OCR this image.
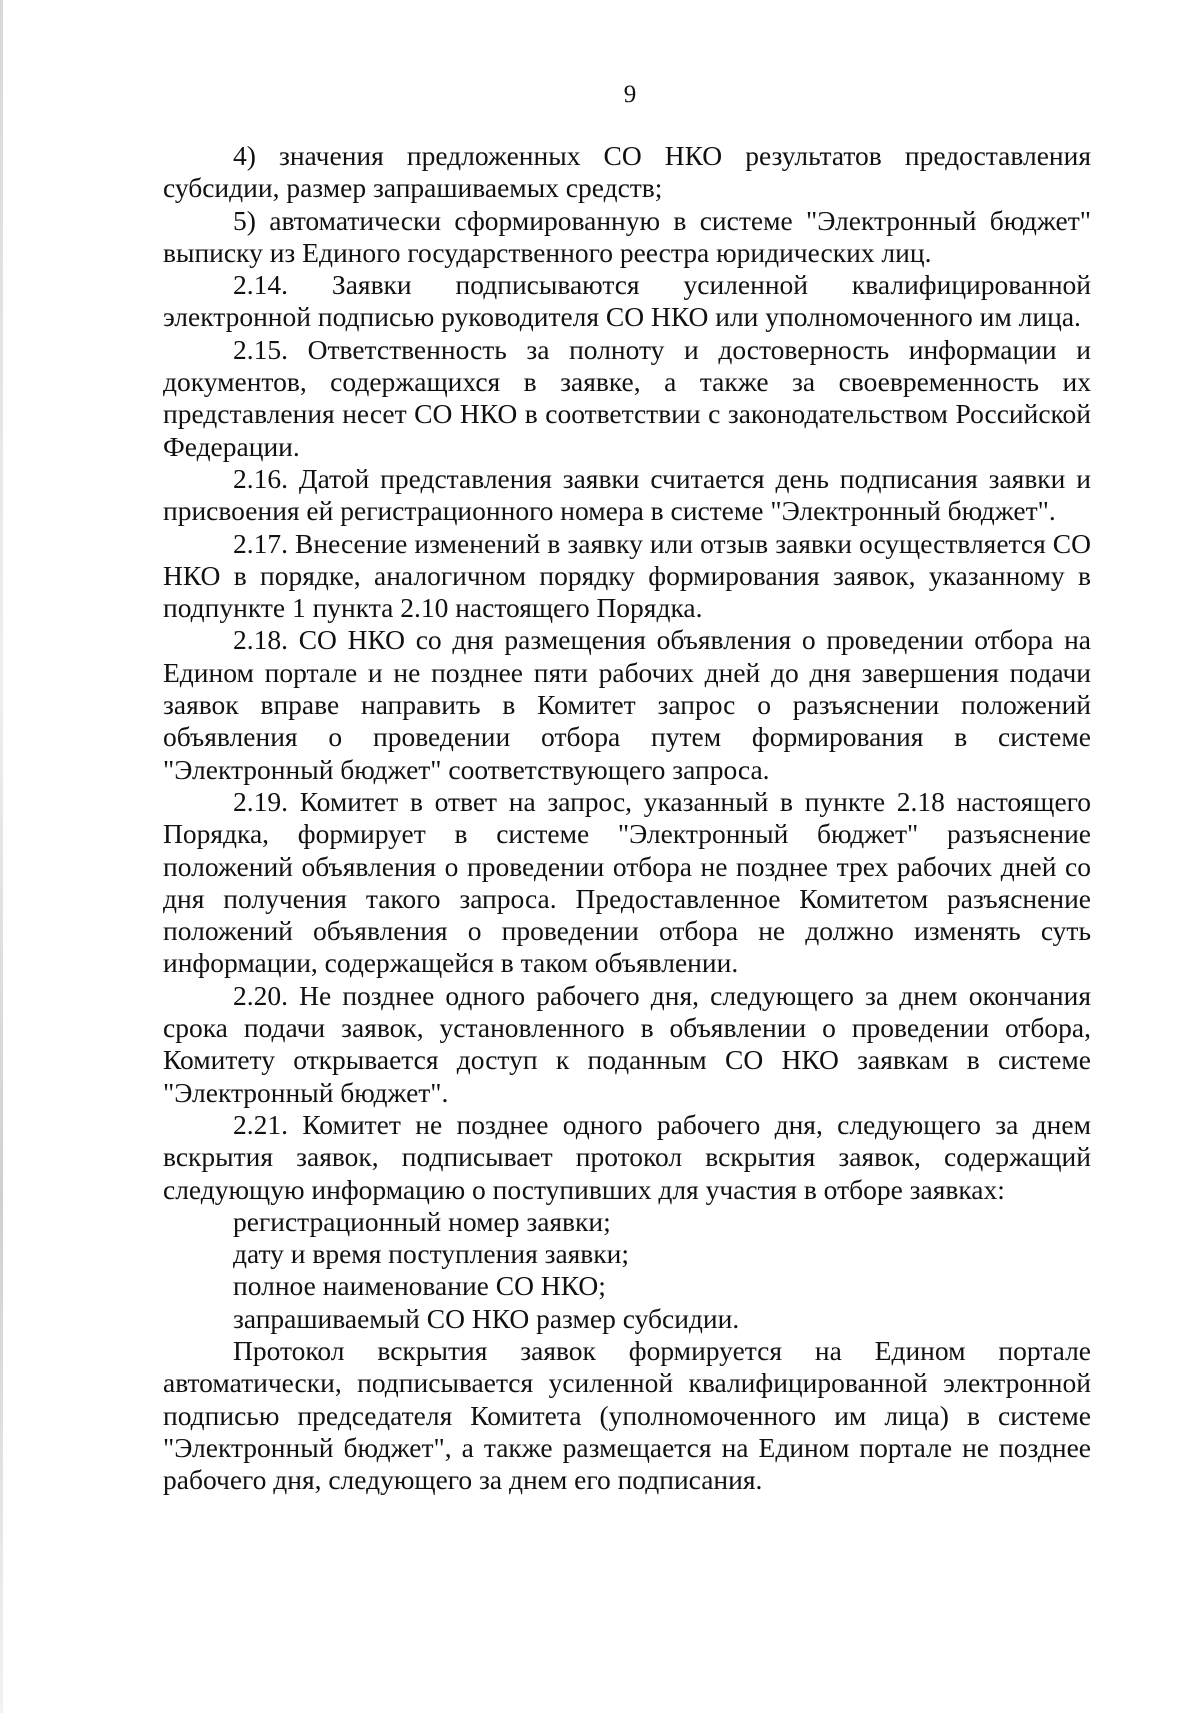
9

4) значения предложенных СО НКО результатов предоставления субсидии, размер запрашиваемых средств;

5) автоматически сформированную в системе "Электронный бюджет" выписку из Единого государственного реестра юридических лиц.

2.14. Заявки подписываются усиленной квалифицированной электронной подписью руководителя СО НКО или уполномоченного им лица.

2.15. Ответственность за полноту и достоверность информации и документов, содержащихся в заявке, а также за своевременность их представления несет СО НКО в соответствии с законодательством Российской Федерации.

2.16. Датой представления заявки считается день подписания заявки и присвоения ей регистрационного номера в системе "Электронный бюджет".

2.17. Внесение изменений в заявку или отзыв заявки осуществляется СО НКО в порядке, аналогичном порядку формирования заявок, указанному в подпункте 1 пункта 2.10 настоящего Порядка.

2.18. СО НКО со дня размещения объявления о проведении отбора на Едином портале и не позднее пяти рабочих дней до дня завершения подачи заявок вправе направить в Комитет запрос о разъяснении положений объявления о проведении отбора путем формирования в системе "Электронный бюджет" соответствующего запроса.

2.19. Комитет в ответ на запрос, указанный в пункте 2.18 настоящего Порядка, формирует в системе "Электронный бюджет" разъяснение положений объявления о проведении отбора не позднее трех рабочих дней со дня получения такого запроса. Предоставленное Комитетом разъяснение положений объявления о проведении отбора не должно изменять суть информации, содержащейся в таком объявлении.

2.20. Не позднее одного рабочего дня, следующего за днем окончания срока подачи заявок, установленного в объявлении о проведении отбора, Комитету открывается доступ к поданным СО НКО заявкам в системе "Электронный бюджет".

2.21. Комитет не позднее одного рабочего дня, следующего за днем вскрытия заявок, подписывает протокол вскрытия заявок, содержащий следующую информацию о поступивших для участия в отборе заявках:

регистрационный номер заявки;

дату и время поступления заявки;

полное наименование СО НКО;

запрашиваемый СО НКО размер субсидии.

Протокол вскрытия заявок формируется на Едином портале автоматически, подписывается усиленной квалифицированной электронной подписью председателя Комитета (уполномоченного им лица) в системе "Электронный бюджет", а также размещается на Едином портале не позднее рабочего дня, следующего за днем его подписания.
